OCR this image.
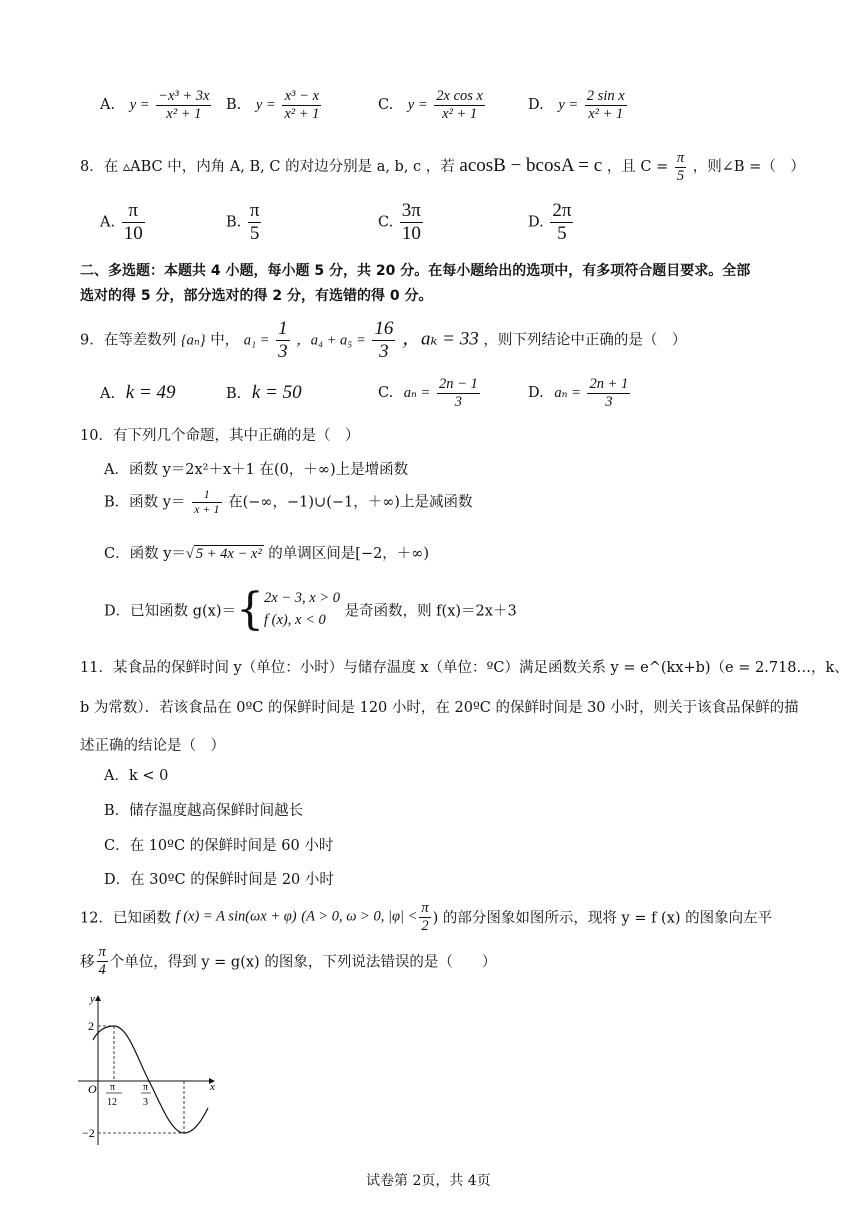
A. $y = \frac{\text{−x³ + 3x}}{\text{x² + 1}} B$. $y = \frac{\text{x³ − x}}{\text{x² + 1}}$	C. $y = \frac{\text{2x cos x}}{\text{x² + 1}}$	D. $y = \frac{\text{2 sin x}}{\text{x² + 1}}$
8．在 ▵ABC 中，内角 A, B, C 的对边分别是 a, b, c ，若 acosB − bcosA = c ，且 $C = \frac{\pi}{5}$ ，则∠B =（　）
A. $\frac{\pi}{10}$	B. $\frac{\pi}{5}$	C. $\frac{3\pi}{10}$	D. $\frac{2\pi}{5}$
二、多选题：本题共 4 小题，每小题 5 分，共 20 分。在每小题给出的选项中，有多项符合题目要求。全部
选对的得 5 分，部分选对的得 2 分，有选错的得 0 分。
9．在等差数列 {aₙ} 中， $a_1 = \frac{1}{3}$ ，$a_4 + a_5 = \frac{16}{3}$ ，aₖ = 33 ，则下列结论中正确的是（　）
A. k = 49	B. k = 50	C. $a_n = \frac{2n - 1}{3}$	D. $a_n = \frac{2n + 1}{3}$
10．有下列几个命题，其中正确的是（　）
A．函数 y＝2x²＋x＋1 在(0，＋∞)上是增函数
B．函数 $y= \frac{1}{x + 1}$ 在(−∞，−1)∪(−1，＋∞)上是减函数
C．函数 y＝√ 5 + 4x − x² 的单调区间是[−2，＋∞)
D．已知函数 g(x)＝{ 2x − 3, x > 0
f (x), x < 0
是奇函数，则 f(x)＝2x＋3
11．某食品的保鲜时间 y（单位：小时）与储存温度 x（单位：ºC）满足函数关系 y = e^(kx+b)（e = 2.718…，k、
b 为常数）．若该食品在 0ºC 的保鲜时间是 120 小时，在 20ºC 的保鲜时间是 30 小时，则关于该食品保鲜的描
述正确的结论是（　）
A．k < 0
B．储存温度越高保鲜时间越长
C．在 10ºC 的保鲜时间是 60 小时
D．在 30ºC 的保鲜时间是 20 小时
12．已知函数 f (x) = A sin(ωx + φ) (A > 0, ω > 0, $|\varphi| < \frac{\pi}{2}$ ) 的部分图象如图所示，现将 y = f (x) 的图象向左平
移 $\frac{\pi}{4}$ 个单位，得到 y = g(x) 的图象，下列说法错误的是（　　）
y
x
O
2
−2
π
12
π
3
试卷第 2页，共 4页
